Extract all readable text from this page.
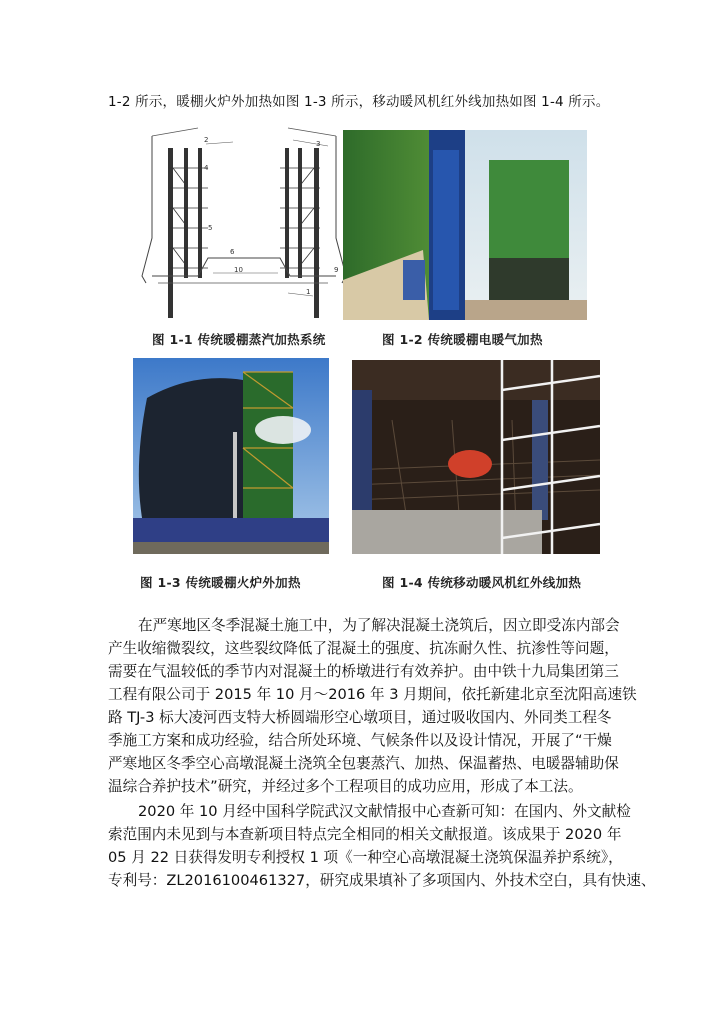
1-2 所示，暖棚火炉外加热如图 1-3 所示，移动暖风机红外线加热如图 1-4 所示。
2	3
4
5
6
9
10
1
图 1-1 传统暖棚蒸汽加热系统	图 1-2 传统暖棚电暖气加热
图 1-3 传统暖棚火炉外加热	图 1-4 传统移动暖风机红外线加热
在严寒地区冬季混凝土施工中，为了解决混凝土浇筑后，因立即受冻内部会
产生收缩微裂纹，这些裂纹降低了混凝土的强度、抗冻耐久性、抗渗性等问题，
需要在气温较低的季节内对混凝土的桥墩进行有效养护。由中铁十九局集团第三
工程有限公司于 2015 年 10 月～2016 年 3 月期间，依托新建北京至沈阳高速铁
路 TJ-3 标大凌河西支特大桥圆端形空心墩项目，通过吸收国内、外同类工程冬
季施工方案和成功经验，结合所处环境、气候条件以及设计情况，开展了“干燥
严寒地区冬季空心高墩混凝土浇筑全包裹蒸汽、加热、保温蓄热、电暖器辅助保
温综合养护技术”研究，并经过多个工程项目的成功应用，形成了本工法。
2020 年 10 月经中国科学院武汉文献情报中心查新可知：在国内、外文献检
索范围内未见到与本查新项目特点完全相同的相关文献报道。该成果于 2020 年
05 月 22 日获得发明专利授权 1 项《一种空心高墩混凝土浇筑保温养护系统》，
专利号：ZL2016100461327，研究成果填补了多项国内、外技术空白，具有快速、
